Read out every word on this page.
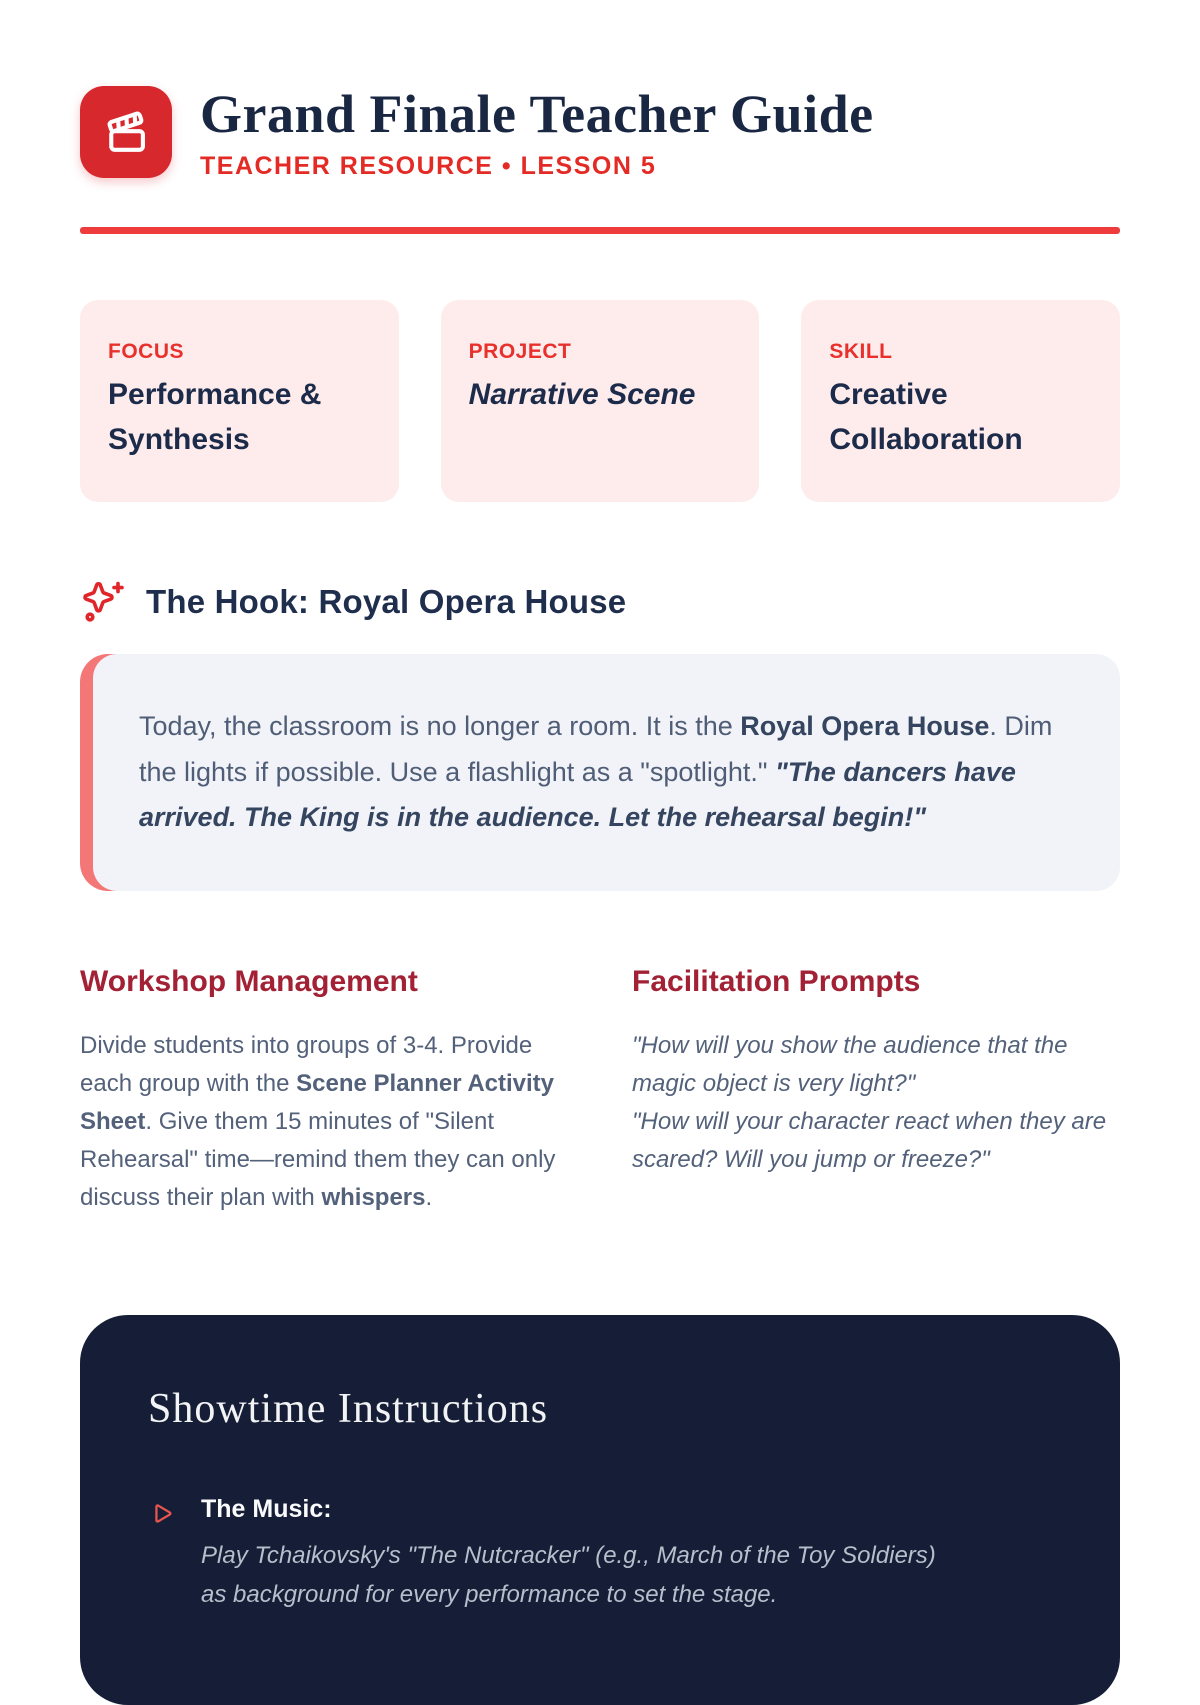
Grand Finale Teacher Guide
TEACHER RESOURCE • LESSON 5
FOCUS
Performance & Synthesis
PROJECT
Narrative Scene
SKILL
Creative Collaboration
The Hook: Royal Opera House
Today, the classroom is no longer a room. It is the Royal Opera House. Dim the lights if possible. Use a flashlight as a "spotlight." "The dancers have arrived. The King is in the audience. Let the rehearsal begin!"
Workshop Management
Divide students into groups of 3-4. Provide each group with the Scene Planner Activity Sheet. Give them 15 minutes of "Silent Rehearsal" time—remind them they can only discuss their plan with whispers.
Facilitation Prompts

"How will you show the audience that the magic object is very light?"

"How will your character react when they are scared? Will you jump or freeze?"

Showtime Instructions
The Music:
Play Tchaikovsky's "The Nutcracker" (e.g., March of the Toy Soldiers) as background for every performance to set the stage.
